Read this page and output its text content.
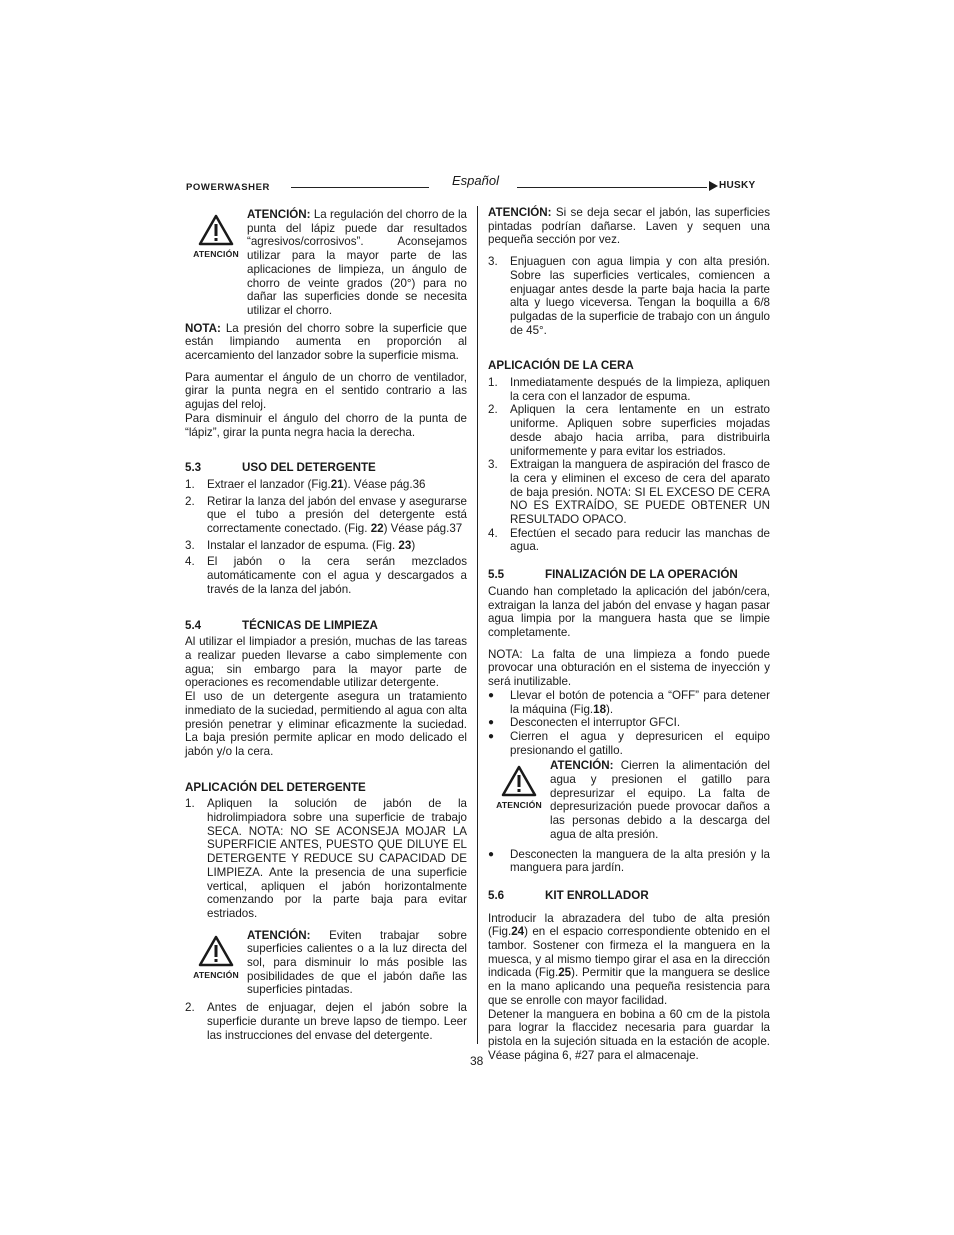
POWERWASHER	Español	HUSKY
ATENCIÓN

ATENCIÓN: La regulación del chorro de la punta del lápiz puede dar resultados “agresivos/corrosivos”. Aconsejamos utilizar para la mayor parte de las aplicaciones de limpieza, un ángulo de chorro de veinte grados (20°) para no dañar las superficies donde se necesita utilizar el chorro.

NOTA: La presión del chorro sobre la superficie que están limpiando aumenta en proporción al acercamiento del lanzador sobre la superficie misma.

Para aumentar el ángulo de un chorro de ventilador, girar la punta negra en el sentido contrario a las agujas del reloj.

Para disminuir el ángulo del chorro de la punta de “lápiz”, girar la punta negra hacia la derecha.

5.3	USO DEL DETERGENTE
1.	Extraer el lanzador (Fig.21). Véase pág.36
2.	Retirar la lanza del jabón del envase y asegurarse que el tubo a presión del detergente está correctamente conectado. (Fig. 22) Véase pág.37
3.	Instalar el lanzador de espuma. (Fig. 23)
4.	El jabón o la cera serán mezclados automáticamente con el agua y descargados a través de la lanza del jabón.
5.4	TÉCNICAS DE LIMPIEZA

Al utilizar el limpiador a presión, muchas de las tareas a realizar pueden llevarse a cabo simplemente con agua; sin embargo para la mayor parte de operaciones es recomendable utilizar detergente.

El uso de un detergente asegura un tratamiento inmediato de la suciedad, permitiendo al agua con alta presión penetrar y eliminar eficazmente la suciedad. La baja presión permite aplicar en modo delicado el jabón y/o la cera.

APLICACIÓN DEL DETERGENTE
1.	Apliquen la solución de jabón de la hidrolimpiadora sobre una superficie de trabajo SECA. NOTA: NO SE ACONSEJA MOJAR LA SUPERFICIE ANTES, PUESTO QUE DILUYE EL DETERGENTE Y REDUCE SU CAPACIDAD DE LIMPIEZA. Ante la presencia de una superficie vertical, apliquen el jabón horizontalmente comenzando por la parte baja para evitar estriados.
ATENCIÓN

ATENCIÓN: Eviten trabajar sobre superficies calientes o a la luz directa del sol, para disminuir lo más posible las posibilidades de que el jabón dañe las superficies pintadas.

2.	Antes de enjuagar, dejen el jabón sobre la superficie durante un breve lapso de tiempo. Leer las instrucciones del envase del detergente.

ATENCIÓN: Si se deja secar el jabón, las superficies pintadas podrían dañarse. Laven y sequen una pequeña sección por vez.

3.	Enjuaguen con agua limpia y con alta presión. Sobre las superficies verticales, comiencen a enjuagar antes desde la parte baja hacia la parte alta y luego viceversa. Tengan la boquilla a 6/8 pulgadas de la superficie de trabajo con un ángulo de 45°.
APLICACIÓN DE LA CERA
1.	Inmediatamente después de la limpieza, apliquen la cera con el lanzador de espuma.
2.	Apliquen la cera lentamente en un estrato uniforme. Apliquen sobre superficies mojadas desde abajo hacia arriba, para distribuirla uniformemente y para evitar los estriados.
3.	Extraigan la manguera de aspiración del frasco de la cera y eliminen el exceso de cera del aparato de baja presión. NOTA: SI EL EXCESO DE CERA NO ES EXTRAÍDO, SE PUEDE OBTENER UN RESULTADO OPACO.
4.	Efectúen el secado para reducir las manchas de agua.
5.5	FINALIZACIÓN DE LA OPERACIÓN

Cuando han completado la aplicación del jabón/cera, extraigan la lanza del jabón del envase y hagan pasar agua limpia por la manguera hasta que se limpie completamente.

NOTA: La falta de una limpieza a fondo puede provocar una obturación en el sistema de inyección y será inutilizable.

●	Llevar el botón de potencia a “OFF” para detener la máquina (Fig.18).
●	Desconecten el interruptor GFCI.
●	Cierren el agua y depresuricen el equipo presionando el gatillo.
ATENCIÓN

ATENCIÓN: Cierren la alimentación del agua y presionen el gatillo para depresurizar el equipo. La falta de depresurización puede provocar daños a las personas debido a la descarga del agua de alta presión.

●	Desconecten la manguera de la alta presión y la manguera para jardín.
5.6	KIT ENROLLADOR

Introducir la abrazadera del tubo de alta presión (Fig.24) en el espacio correspondiente obtenido en el tambor. Sostener con firmeza el la manguera en la muesca, y al mismo tiempo girar el asa en la dirección indicada (Fig.25). Permitir que la manguera se deslice en la mano aplicando una pequeña resistencia para que se enrolle con mayor facilidad.

Detener la manguera en bobina a 60 cm de la pistola para lograr la flaccidez necesaria para guardar la pistola en la sujeción situada en la estación de acople. Véase página 6, #27 para el almacenaje.

38
